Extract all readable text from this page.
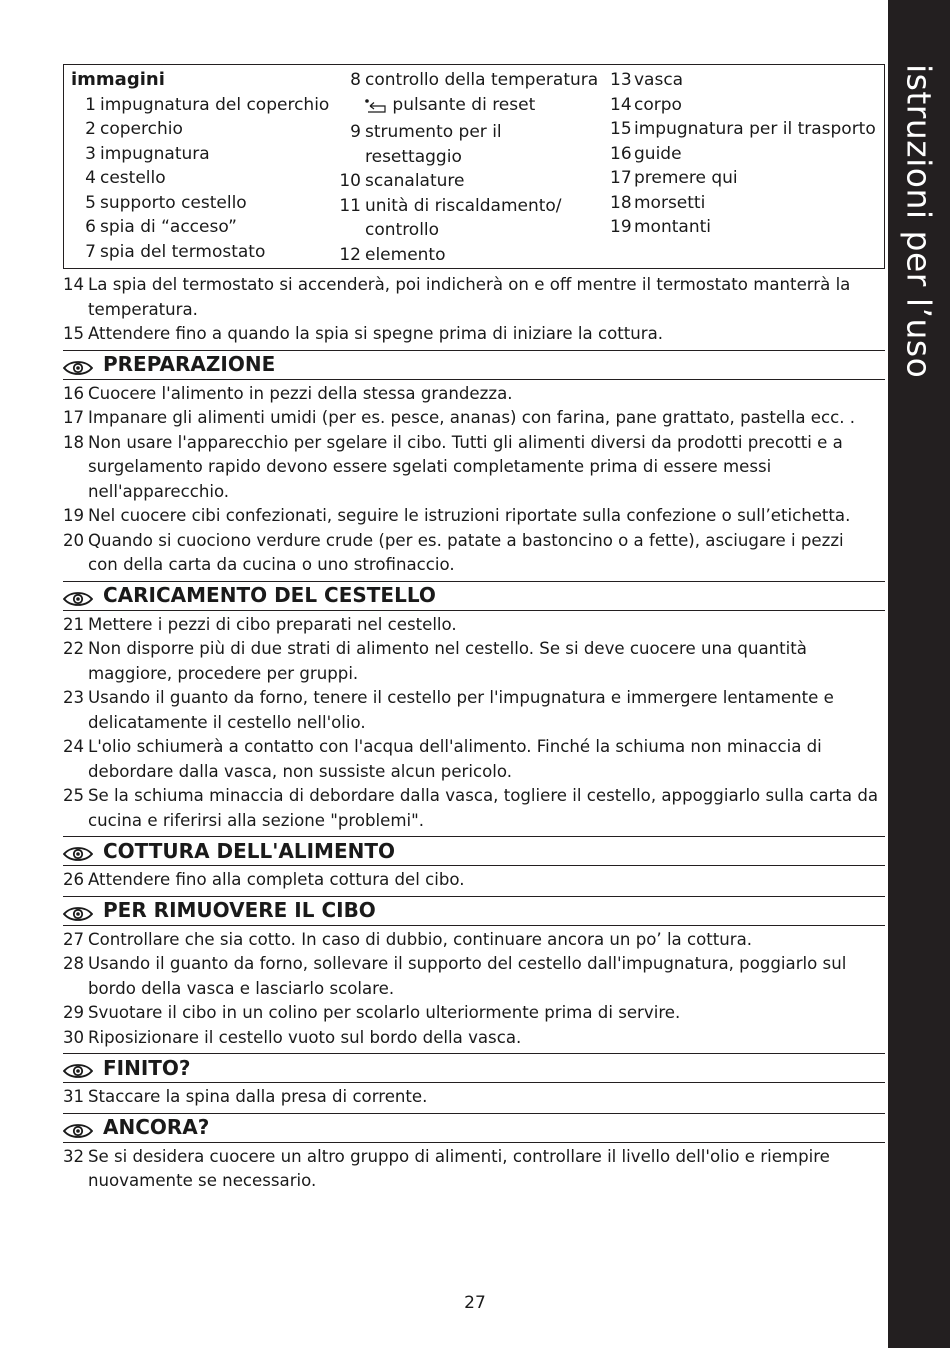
istruzioni per l’uso
immagini
1 impugnatura del coperchio
2 coperchio
3 impugnatura
4 cestello
5 supporto cestello
6 spia di “acceso”
7 spia del termostato
8 controllo della temperatura
pulsante di reset
9 strumento per il
resettaggio
10 scanalature
11 unità di riscaldamento/
controllo
12 elemento
13 vasca
14 corpo
15 impugnatura per il trasporto
16 guide
17 premere qui
18 morsetti
19 montanti
14 La spia del termostato si accenderà, poi indicherà on e off mentre il termostato manterrà la
temperatura.
15 Attendere fino a quando la spia si spegne prima di iniziare la cottura.
PREPARAZIONE
16 Cuocere l'alimento in pezzi della stessa grandezza.
17 Impanare gli alimenti umidi (per es. pesce, ananas) con farina, pane grattato, pastella ecc. .
18 Non usare l'apparecchio per sgelare il cibo. Tutti gli alimenti diversi da prodotti precotti e a
surgelamento rapido devono essere sgelati completamente prima di essere messi
nell'apparecchio.
19 Nel cuocere cibi confezionati, seguire le istruzioni riportate sulla confezione o sull’etichetta.
20 Quando si cuociono verdure crude (per es. patate a bastoncino o a fette), asciugare i pezzi
con della carta da cucina o uno strofinaccio.
CARICAMENTO DEL CESTELLO
21 Mettere i pezzi di cibo preparati nel cestello.
22 Non disporre più di due strati di alimento nel cestello. Se si deve cuocere una quantità
maggiore, procedere per gruppi.
23 Usando il guanto da forno, tenere il cestello per l'impugnatura e immergere lentamente e
delicatamente il cestello nell'olio.
24 L'olio schiumerà a contatto con l'acqua dell'alimento. Finché la schiuma non minaccia di
debordare dalla vasca, non sussiste alcun pericolo.
25 Se la schiuma minaccia di debordare dalla vasca, togliere il cestello, appoggiarlo sulla carta da
cucina e riferirsi alla sezione "problemi".
COTTURA DELL'ALIMENTO
26 Attendere fino alla completa cottura del cibo.
PER RIMUOVERE IL CIBO
27 Controllare che sia cotto. In caso di dubbio, continuare ancora un po’ la cottura.
28 Usando il guanto da forno, sollevare il supporto del cestello dall'impugnatura, poggiarlo sul
bordo della vasca e lasciarlo scolare.
29 Svuotare il cibo in un colino per scolarlo ulteriormente prima di servire.
30 Riposizionare il cestello vuoto sul bordo della vasca.
FINITO?
31 Staccare la spina dalla presa di corrente.
ANCORA?
32 Se si desidera cuocere un altro gruppo di alimenti, controllare il livello dell'olio e riempire
nuovamente se necessario.
27
